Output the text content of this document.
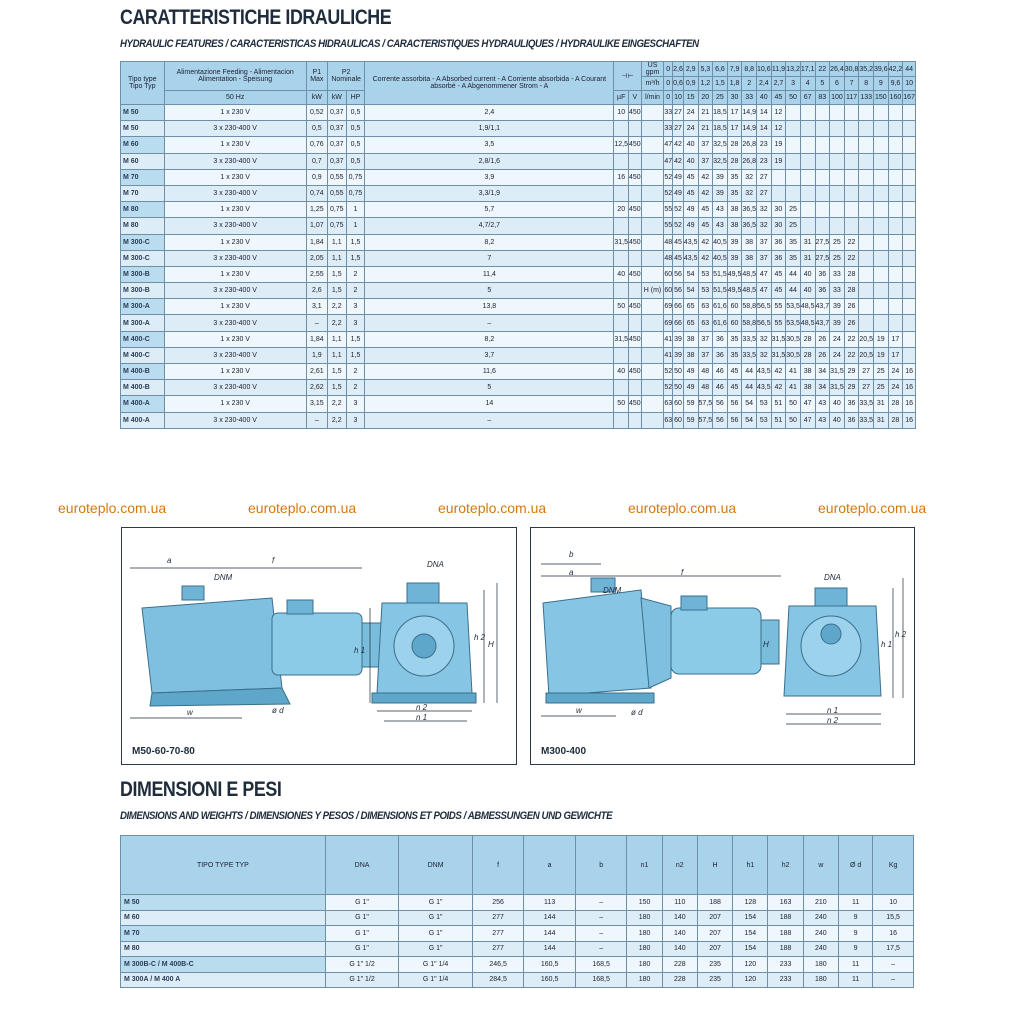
CARATTERISTICHE IDRAULICHE
HYDRAULIC FEATURES / CARACTERISTICAS HIDRAULICAS / CARACTERISTIQUES HYDRAULIQUES / HYDRAULIKE EINGESCHAFTEN
Tipo type Tipo Typ	Alimentazione Feeding - Alimentacion Alimentation - Speisung	P1 Max	P2 Nominale		Corrente assorbita - A Absorbed current - A Corriente absorbida - A Courant absorbé - A Abgenommener Strom - A	⊣⊢		US gpm	0	2,6	2,9	5,3	6,6	7,9	8,8	10,6	11,9	13,2	17,1	22	26,4	30,8	35,2	39,6	42,2	44
								m³/h	0	0,6	0,9	1,2	1,5	1,8	2	2,4	2,7	3	4	5	6	7	8	9	9,6	10
	50 Hz	kW	kW	HP		µF	V	l/min	0	10	15	20	25	30	33	40	45	50	67	83	100	117	133	150	160	167
M 50	1 x 230 V	0,52	0,37	0,5	2,4	10	450		33	27	24	21	18,5	17	14,9	14	12									
M 50	3 x 230-400 V	0,5	0,37	0,5	1,9/1,1				33	27	24	21	18,5	17	14,9	14	12									
M 60	1 x 230 V	0,76	0,37	0,5	3,5	12,5	450		47	42	40	37	32,5	28	26,8	23	19									
M 60	3 x 230-400 V	0,7	0,37	0,5	2,8/1,6				47	42	40	37	32,5	28	26,8	23	19									
M 70	1 x 230 V	0,9	0,55	0,75	3,9	16	450		52	49	45	42	39	35	32	27										
M 70	3 x 230-400 V	0,74	0,55	0,75	3,3/1,9				52	49	45	42	39	35	32	27										
M 80	1 x 230 V	1,25	0,75	1	5,7	20	450		55	52	49	45	43	38	36,5	32	30	25								
M 80	3 x 230-400 V	1,07	0,75	1	4,7/2,7				55	52	49	45	43	38	36,5	32	30	25								
M 300-C	1 x 230 V	1,84	1,1	1,5	8,2	31,5	450		48	45	43,5	42	40,5	39	38	37	36	35	31	27,5	25	22				
M 300-C	3 x 230-400 V	2,05	1,1	1,5	7				48	45	43,5	42	40,5	39	38	37	36	35	31	27,5	25	22				
M 300-B	1 x 230 V	2,55	1,5	2	11,4	40	450		60	56	54	53	51,5	49,5	48,5	47	45	44	40	36	33	28				
M 300-B	3 x 230-400 V	2,6	1,5	2	5			H (m)	60	56	54	53	51,5	49,5	48,5	47	45	44	40	36	33	28				
M 300-A	1 x 230 V	3,1	2,2	3	13,8	50	450		69	66	65	63	61,6	60	58,8	56,5	55	53,5	48,5	43,7	39	26				
M 300-A	3 x 230-400 V	–	2,2	3	–				69	66	65	63	61,6	60	58,8	56,5	55	53,5	48,5	43,7	39	26				
M 400-C	1 x 230 V	1,84	1,1	1,5	8,2	31,5	450		41	39	38	37	36	35	33,5	32	31,5	30,5	28	26	24	22	20,5	19	17	
M 400-C	3 x 230-400 V	1,9	1,1	1,5	3,7				41	39	38	37	36	35	33,5	32	31,5	30,5	28	26	24	22	20,5	19	17	
M 400-B	1 x 230 V	2,61	1,5	2	11,6	40	450		52	50	49	48	46	45	44	43,5	42	41	38	34	31,5	29	27	25	24	16
M 400-B	3 x 230-400 V	2,62	1,5	2	5				52	50	49	48	46	45	44	43,5	42	41	38	34	31,5	29	27	25	24	16
M 400-A	1 x 230 V	3,15	2,2	3	14	50	450		63	60	59	57,5	56	56	54	53	51	50	47	43	40	36	33,5	31	28	16
M 400-A	3 x 230-400 V	–	2,2	3	–				63	60	59	57,5	56	56	54	53	51	50	47	43	40	36	33,5	31	28	16
euroteplo.com.ua	euroteplo.com.ua	euroteplo.com.ua	euroteplo.com.ua	euroteplo.com.ua
a	f
DNM
DNA
w	ø d
h 1
h 2
H
n 2
n 1
M50-60-70-80
b
a	f
DNM
DNA
w	ø d	n 1
n 2
h 1
h 2
H
M300-400
DIMENSIONI E PESI
DIMENSIONS AND WEIGHTS / DIMENSIONES Y PESOS / DIMENSIONS ET POIDS / ABMESSUNGEN UND GEWICHTE
TIPO TYPE TYP	DNA	DNM	f	a	b	n1	n2	H	h1	h2	w	Ø d	Kg
M 50	G 1"	G 1"	256	113	–	150	110	188	128	163	210	11	10
M 60	G 1"	G 1"	277	144	–	180	140	207	154	188	240	9	15,5
M 70	G 1"	G 1"	277	144	–	180	140	207	154	188	240	9	16
M 80	G 1"	G 1"	277	144	–	180	140	207	154	188	240	9	17,5
M 300B-C / M 400B-C	G 1" 1/2	G 1" 1/4	246,5	160,5	168,5	180	228	235	120	233	180	11	–
M 300A / M 400 A	G 1" 1/2	G 1" 1/4	284,5	160,5	168,5	180	228	235	120	233	180	11	–
